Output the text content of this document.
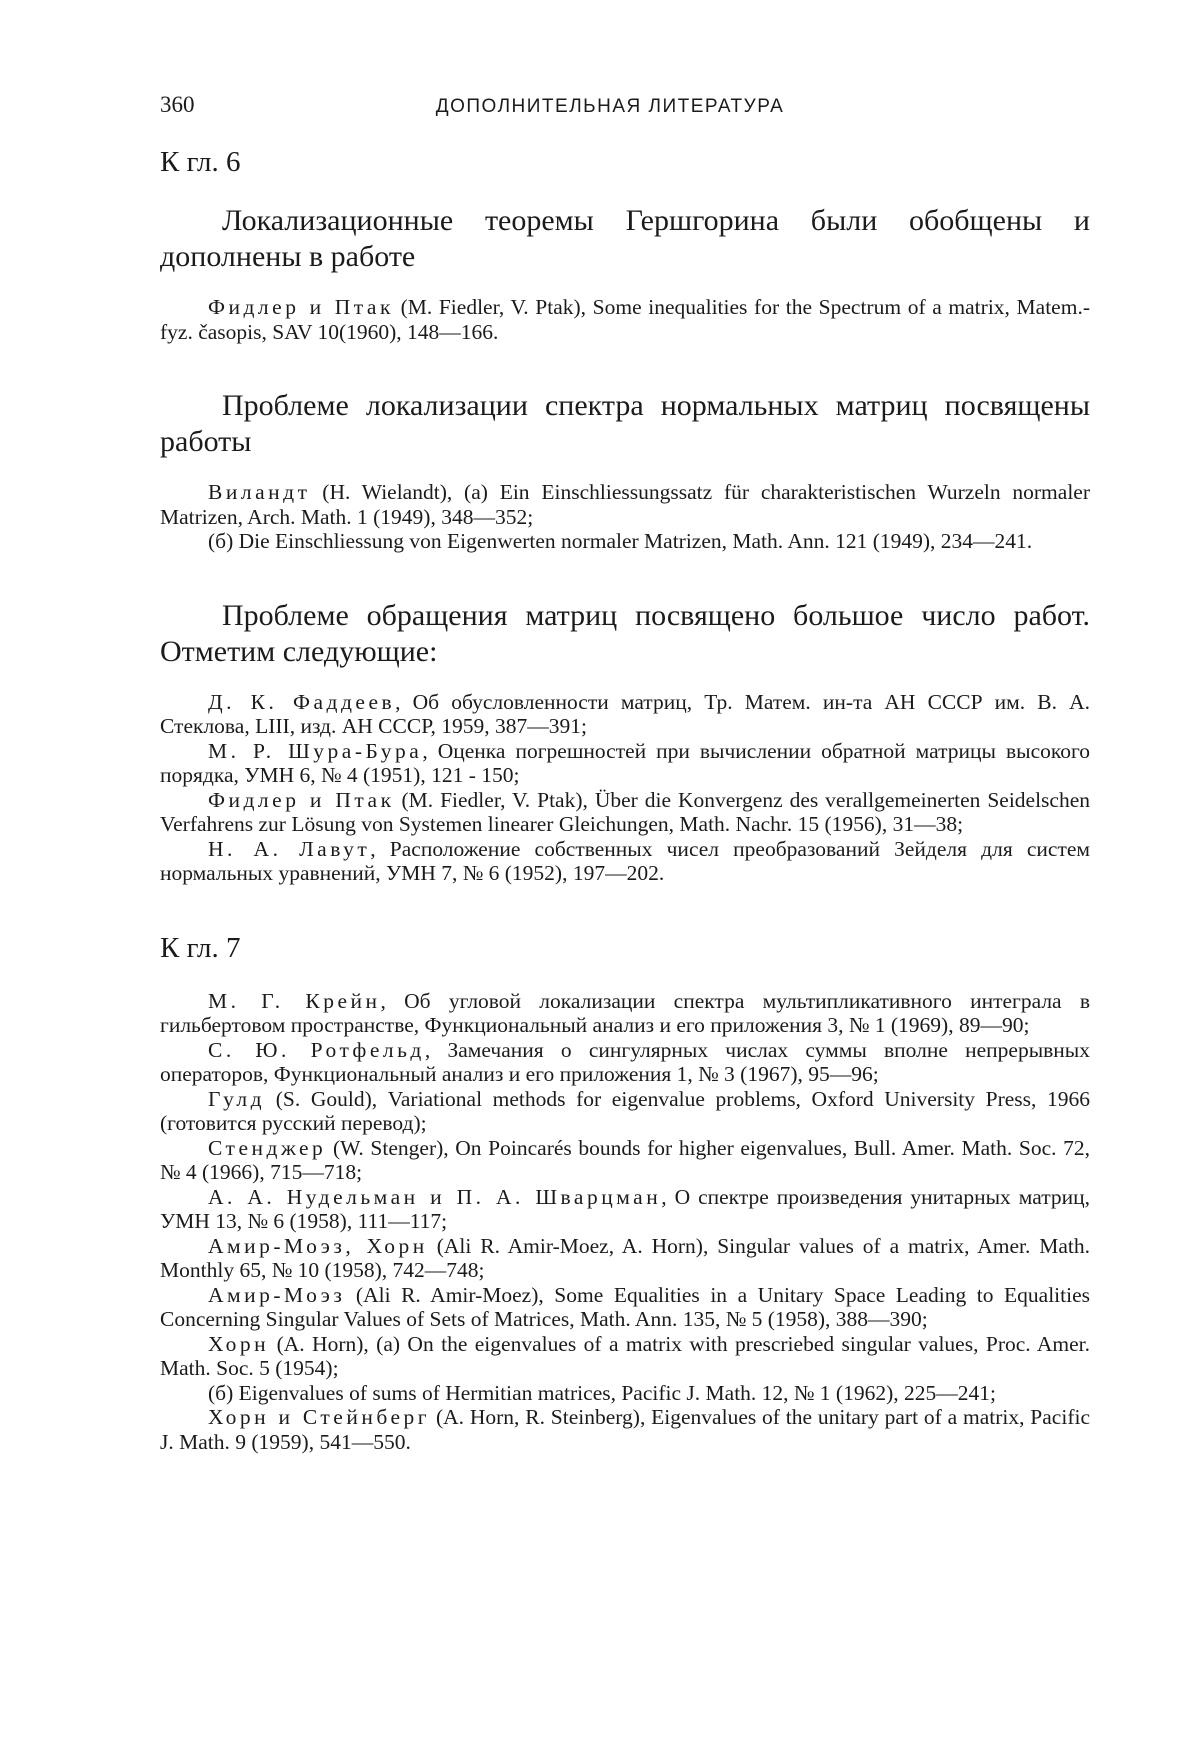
360	ДОПОЛНИТЕЛЬНАЯ ЛИТЕРАТУРА
К гл. 6

Локализационные теоремы Гершгорина были обобщены и дополнены в работе

Фидлер и Птак (M. Fiedler, V. Ptak), Some inequalities for the Spectrum of a matrix, Matem.-fyz. časopis, SAV 10(1960), 148—166.

Проблеме локализации спектра нормальных матриц посвящены работы

Виландт (H. Wielandt), (a) Ein Einschliessungssatz für charakteristischen Wurzeln normaler Matrizen, Arch. Math. 1 (1949), 348—352;

(б) Die Einschliessung von Eigenwerten normaler Matrizen, Math. Ann. 121 (1949), 234—241.

Проблеме обращения матриц посвящено большое число работ. Отметим следующие:

Д. К. Фаддеев, Об обусловленности матриц, Тр. Матем. ин-та АН СССР им. В. А. Стеклова, LIII, изд. АН СССР, 1959, 387—391;

М. Р. Шура-Бура, Оценка погрешностей при вычислении обратной матрицы высокого порядка, УМН 6, № 4 (1951), 121 - 150;

Фидлер и Птак (M. Fiedler, V. Ptak), Über die Konvergenz des verallgemeinerten Seidelschen Verfahrens zur Lösung von Systemen linearer Gleichungen, Math. Nachr. 15 (1956), 31—38;

Н. А. Лавут, Расположение собственных чисел преобразований Зейделя для систем нормальных уравнений, УМН 7, № 6 (1952), 197—202.

К гл. 7

М. Г. Крейн, Об угловой локализации спектра мультипликативного интеграла в гильбертовом пространстве, Функциональный анализ и его приложения 3, № 1 (1969), 89—90;

С. Ю. Ротфельд, Замечания о сингулярных числах суммы вполне непрерывных операторов, Функциональный анализ и его приложения 1, № 3 (1967), 95—96;

Гулд (S. Gould), Variational methods for eigenvalue problems, Oxford University Press, 1966 (готовится русский перевод);

Стенджер (W. Stenger), On Poincarés bounds for higher eigenvalues, Bull. Amer. Math. Soc. 72, № 4 (1966), 715—718;

А. А. Нудельман и П. А. Шварцман, О спектре произведения унитарных матриц, УМН 13, № 6 (1958), 111—117;

Амир-Моэз, Хорн (Ali R. Amir-Moez, A. Horn), Singular values of a matrix, Amer. Math. Monthly 65, № 10 (1958), 742—748;

Амир-Моэз (Ali R. Amir-Moez), Some Equalities in a Unitary Space Leading to Equalities Concerning Singular Values of Sets of Matrices, Math. Ann. 135, № 5 (1958), 388—390;

Хорн (A. Horn), (a) On the eigenvalues of a matrix with prescriebed singular values, Proc. Amer. Math. Soc. 5 (1954);

(б) Eigenvalues of sums of Hermitian matrices, Pacific J. Math. 12, № 1 (1962), 225—241;

Хорн и Стейнберг (A. Horn, R. Steinberg), Eigenvalues of the unitary part of a matrix, Pacific J. Math. 9 (1959), 541—550.
